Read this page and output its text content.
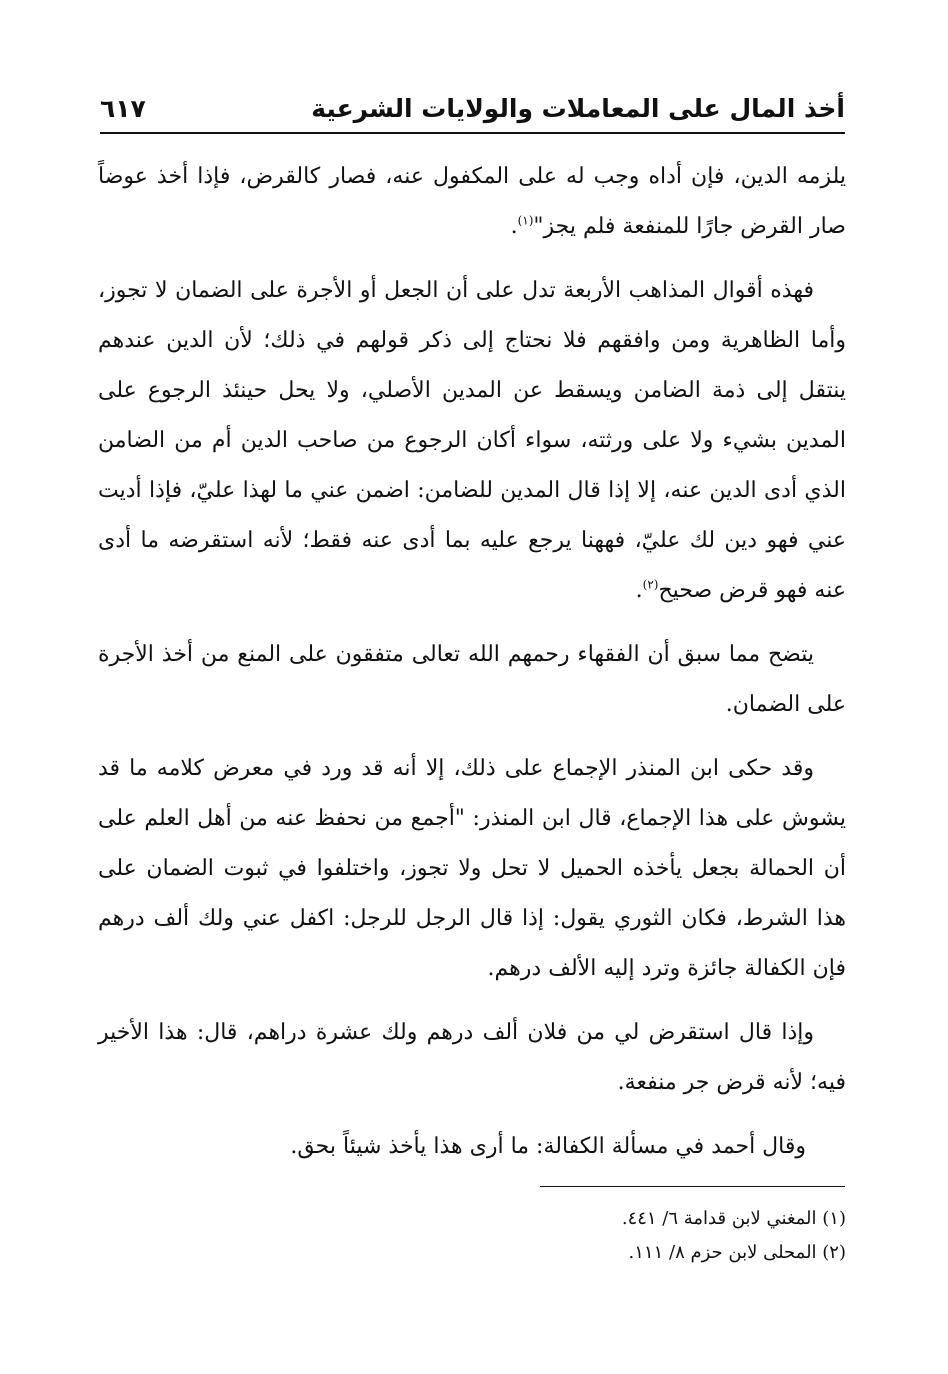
أخذ المال على المعاملات والولايات الشرعية
٦١٧

يلزمه الدين، فإن أداه وجب له على المكفول عنه، فصار كالقرض، فإذا أخذ عوضاً صار القرض جارًا للمنفعة فلم يجز"$^{(١)}$.

فهذه أقوال المذاهب الأربعة تدل على أن الجعل أو الأجرة على الضمان لا تجوز، وأما الظاهرية ومن وافقهم فلا نحتاج إلى ذكر قولهم في ذلك؛ لأن الدين عندهم ينتقل إلى ذمة الضامن ويسقط عن المدين الأصلي، ولا يحل حينئذ الرجوع على المدين بشيء ولا على ورثته، سواء أكان الرجوع من صاحب الدين أم من الضامن الذي أدى الدين عنه، إلا إذا قال المدين للضامن: اضمن عني ما لهذا عليّ، فإذا أديت عني فهو دين لك عليّ، فههنا يرجع عليه بما أدى عنه فقط؛ لأنه استقرضه ما أدى عنه فهو قرض صحيح$^{(٢)}$.

يتضح مما سبق أن الفقهاء رحمهم الله تعالى متفقون على المنع من أخذ الأجرة على الضمان.

وقد حكى ابن المنذر الإجماع على ذلك، إلا أنه قد ورد في معرض كلامه ما قد يشوش على هذا الإجماع، قال ابن المنذر: "أجمع من نحفظ عنه من أهل العلم على أن الحمالة بجعل يأخذه الحميل لا تحل ولا تجوز، واختلفوا في ثبوت الضمان على هذا الشرط، فكان الثوري يقول: إذا قال الرجل للرجل: اكفل عني ولك ألف درهم فإن الكفالة جائزة وترد إليه الألف درهم.

وإذا قال استقرض لي من فلان ألف درهم ولك عشرة دراهم، قال: هذا الأخير فيه؛ لأنه قرض جر منفعة.

وقال أحمد في مسألة الكفالة: ما أرى هذا يأخذ شيئاً بحق.

(١) المغني لابن قدامة ٦/ ٤٤١.
(٢) المحلى لابن حزم ٨/ ١١١.
